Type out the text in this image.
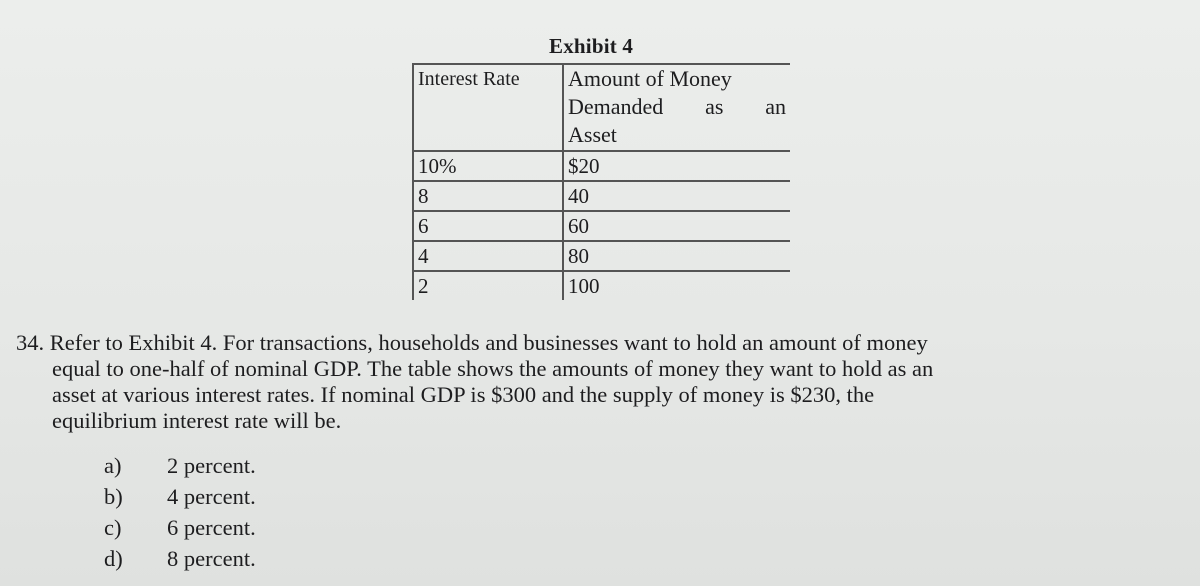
Exhibit 4
Interest Rate	Amount of Money
Demanded as an
Asset
10%	$20
8	40
6	60
4	80
2	100
34. Refer to Exhibit 4. For transactions, households and businesses want to hold an amount of money
equal to one-half of nominal GDP. The table shows the amounts of money they want to hold as an
asset at various interest rates. If nominal GDP is $300 and the supply of money is $230, the
equilibrium interest rate will be.
a)	2 percent.
b)	4 percent.
c)	6 percent.
d)	8 percent.
